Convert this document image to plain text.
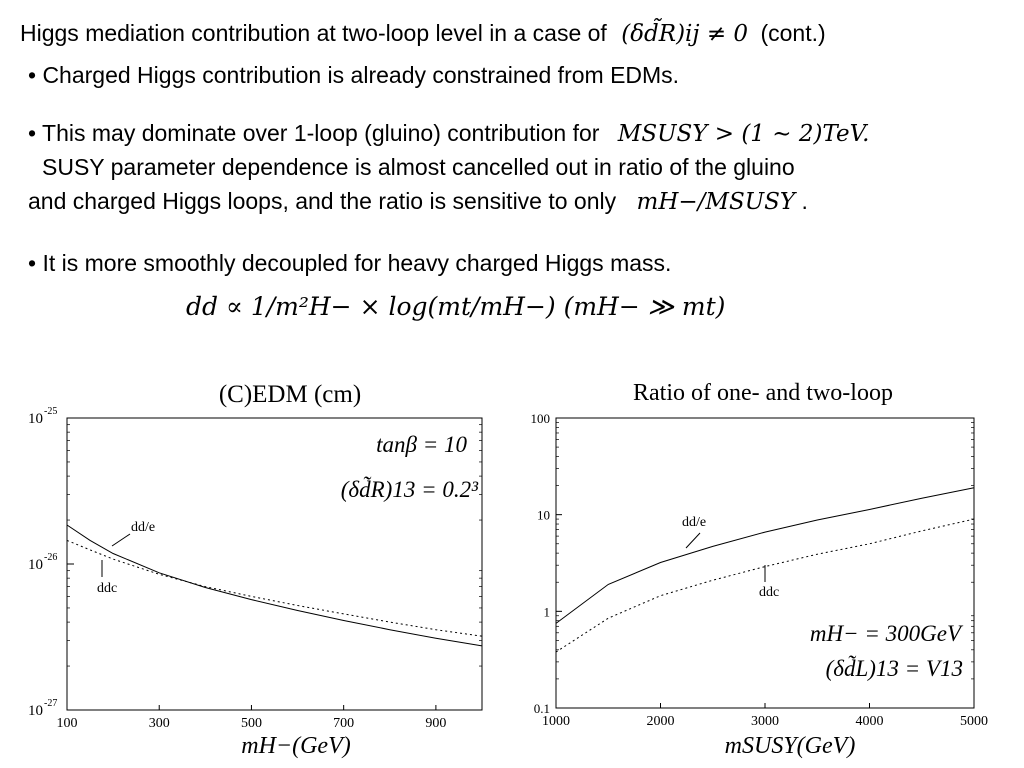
Higgs mediation contribution at two-loop level in a case of (δd̃R)ij ≠ 0 (cont.)
• Charged Higgs contribution is already constrained from EDMs.
• This may dominate over 1-loop (gluino) contribution for MSUSY > (1 ∼ 2)TeV.
SUSY parameter dependence is almost cancelled out in ratio of the gluino
and charged Higgs loops, and the ratio is sensitive to only mH−/MSUSY .
• It is more smoothly decoupled for heavy charged Higgs mass.
dd ∝ 1/m²H− × log(mt/mH−) (mH− ≫ mt)
(C)EDM (cm)
tanβ = 10
(δd̃R)13 = 0.2³
mH−(GeV)
dd/e
ddc
100	300	500	700	900
10 -25
10 -26
10 -27
Ratio of one- and two-loop
mH− = 300GeV
(δd̃L)13 = V13
mSUSY(GeV)
dd/e
ddc
1000	2000	3000	4000	5000
100
10
1
0.1
